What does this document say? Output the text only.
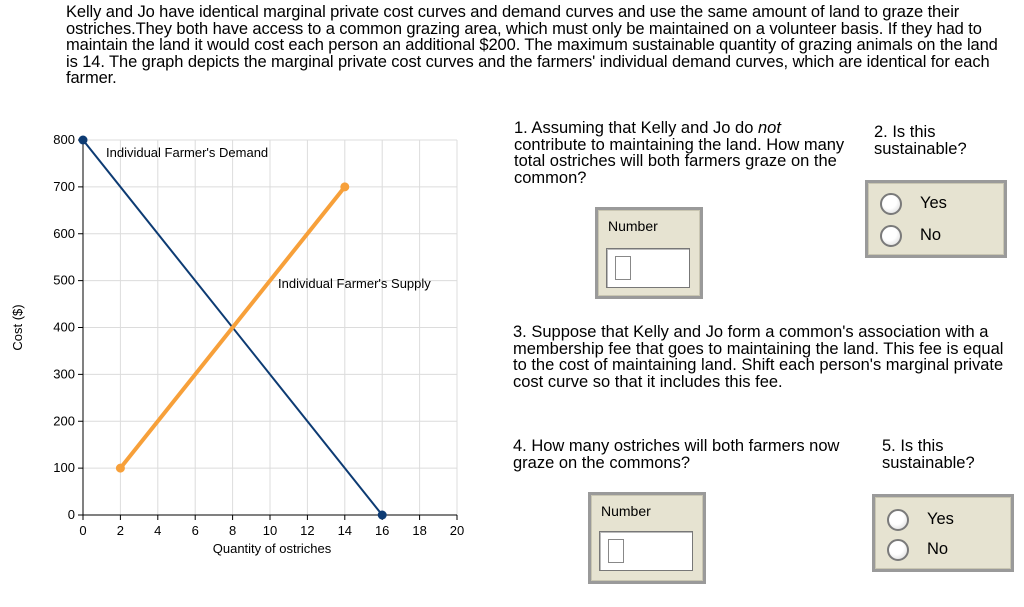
Kelly and Jo have identical marginal private cost curves and demand curves and use the same amount of land to graze their ostriches.They both have access to a common grazing area, which must only be maintained on a volunteer basis. If they had to maintain the land it would cost each person an additional $200. The maximum sustainable quantity of grazing animals on the land is 14. The graph depicts the marginal private cost curves and the farmers' individual demand curves, which are identical for each farmer.
0
100
200
300
400
500
600
700
800
0 2 4 6 8 10 12 14 16 18 20
Quantity of ostriches
Cost ($)
Individual Farmer's Demand
Individual Farmer's Supply
1. Assuming that Kelly and Jo do not contribute to maintaining the land. How many total ostriches will both farmers graze on the common?
2. Is this sustainable?
Number
Yes
No
3. Suppose that Kelly and Jo form a common's association with a membership fee that goes to maintaining the land. This fee is equal to the cost of maintaining land. Shift each person's marginal private cost curve so that it includes this fee.
4. How many ostriches will both farmers now graze on the commons?
5. Is this sustainable?
Number	Yes
No
